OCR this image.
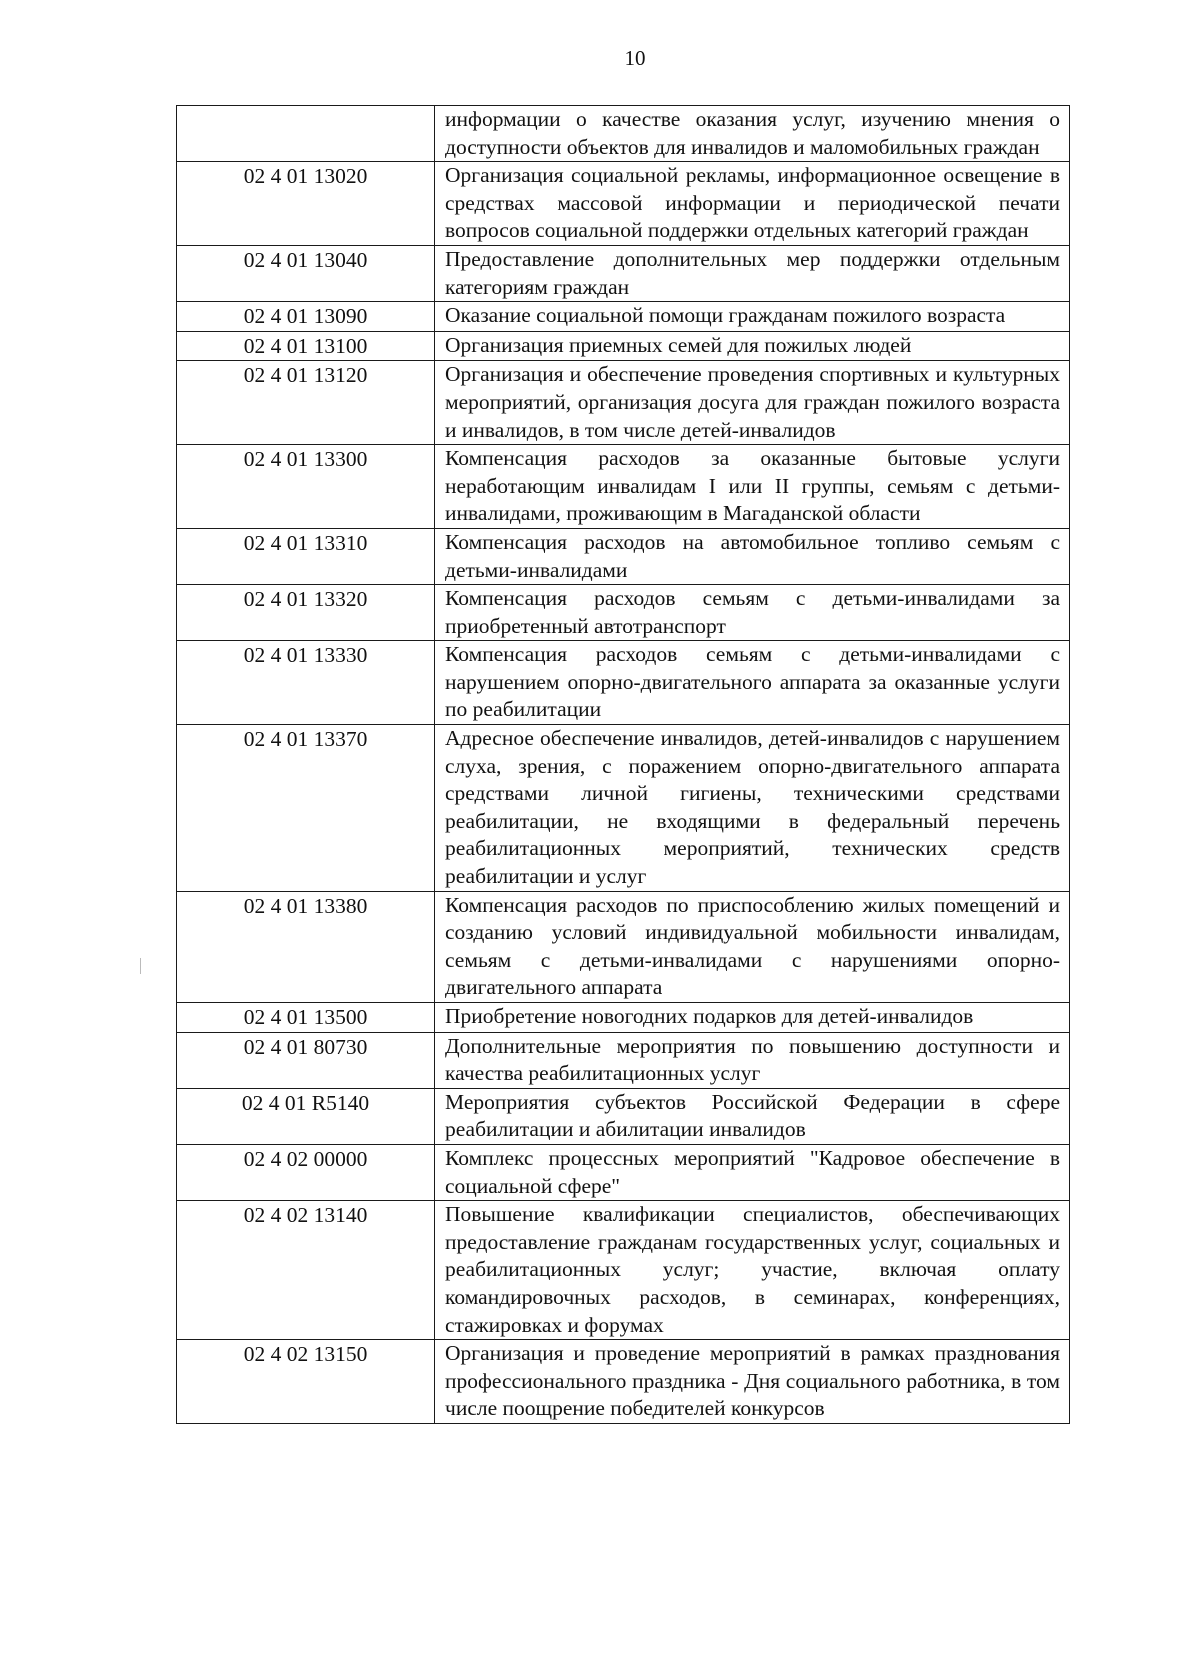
10
	информации о качестве оказания услуг, изучению мнения о доступности объектов для инвалидов и маломобильных граждан
02 4 01 13020	Организация социальной рекламы, информационное освещение в средствах массовой информации и периодической печати вопросов социальной поддержки отдельных категорий граждан
02 4 01 13040	Предоставление дополнительных мер поддержки отдельным категориям граждан
02 4 01 13090	Оказание социальной помощи гражданам пожилого возраста
02 4 01 13100	Организация приемных семей для пожилых людей
02 4 01 13120	Организация и обеспечение проведения спортивных и культурных мероприятий, организация досуга для граждан пожилого возраста и инвалидов, в том числе детей-инвалидов
02 4 01 13300	Компенсация расходов за оказанные бытовые услуги неработающим инвалидам I или II группы, семьям с детьми-инвалидами, проживающим в Магаданской области
02 4 01 13310	Компенсация расходов на автомобильное топливо семьям с детьми-инвалидами
02 4 01 13320	Компенсация расходов семьям с детьми-инвалидами за приобретенный автотранспорт
02 4 01 13330	Компенсация расходов семьям с детьми-инвалидами с нарушением опорно-двигательного аппарата за оказанные услуги по реабилитации
02 4 01 13370	Адресное обеспечение инвалидов, детей-инвалидов с нарушением слуха, зрения, с поражением опорно-двигательного аппарата средствами личной гигиены, техническими средствами реабилитации, не входящими в федеральный перечень реабилитационных мероприятий, технических средств реабилитации и услуг
02 4 01 13380	Компенсация расходов по приспособлению жилых помещений и созданию условий индивидуальной мобильности инвалидам, семьям с детьми-инвалидами с нарушениями опорно-двигательного аппарата
02 4 01 13500	Приобретение новогодних подарков для детей-инвалидов
02 4 01 80730	Дополнительные мероприятия по повышению доступности и качества реабилитационных услуг
02 4 01 R5140	Мероприятия субъектов Российской Федерации в сфере реабилитации и абилитации инвалидов
02 4 02 00000	Комплекс процессных мероприятий "Кадровое обеспечение в социальной сфере"
02 4 02 13140	Повышение квалификации специалистов, обеспечивающих предоставление гражданам государственных услуг, социальных и реабилитационных услуг; участие, включая оплату командировочных расходов, в семинарах, конференциях, стажировках и форумах
02 4 02 13150	Организация и проведение мероприятий в рамках празднования профессионального праздника - Дня социального работника, в том числе поощрение победителей конкурсов
